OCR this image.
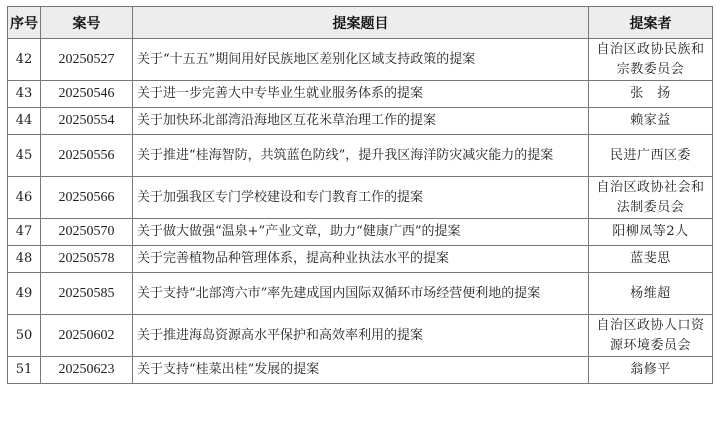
序号	案号	提案题目	提案者
42	20250527	关于“十五五”期间用好民族地区差别化区域支持政策的提案	自治区政协民族和宗教委员会
43	20250546	关于进一步完善大中专毕业生就业服务体系的提案	张　扬
44	20250554	关于加快环北部湾沿海地区互花米草治理工作的提案	赖家益
45	20250556	关于推进“桂海智防，共筑蓝色防线”，提升我区海洋防灾减灾能力的提案	民进广西区委
46	20250566	关于加强我区专门学校建设和专门教育工作的提案	自治区政协社会和法制委员会
47	20250570	关于做大做强“温泉+”产业文章，助力“健康广西”的提案	阳柳凤等2人
48	20250578	关于完善植物品种管理体系，提高种业执法水平的提案	蓝斐思
49	20250585	关于支持“北部湾六市”率先建成国内国际双循环市场经营便利地的提案	杨维超
50	20250602	关于推进海岛资源高水平保护和高效率利用的提案	自治区政协人口资源环境委员会
51	20250623	关于支持“桂菜出桂”发展的提案	翁修平
